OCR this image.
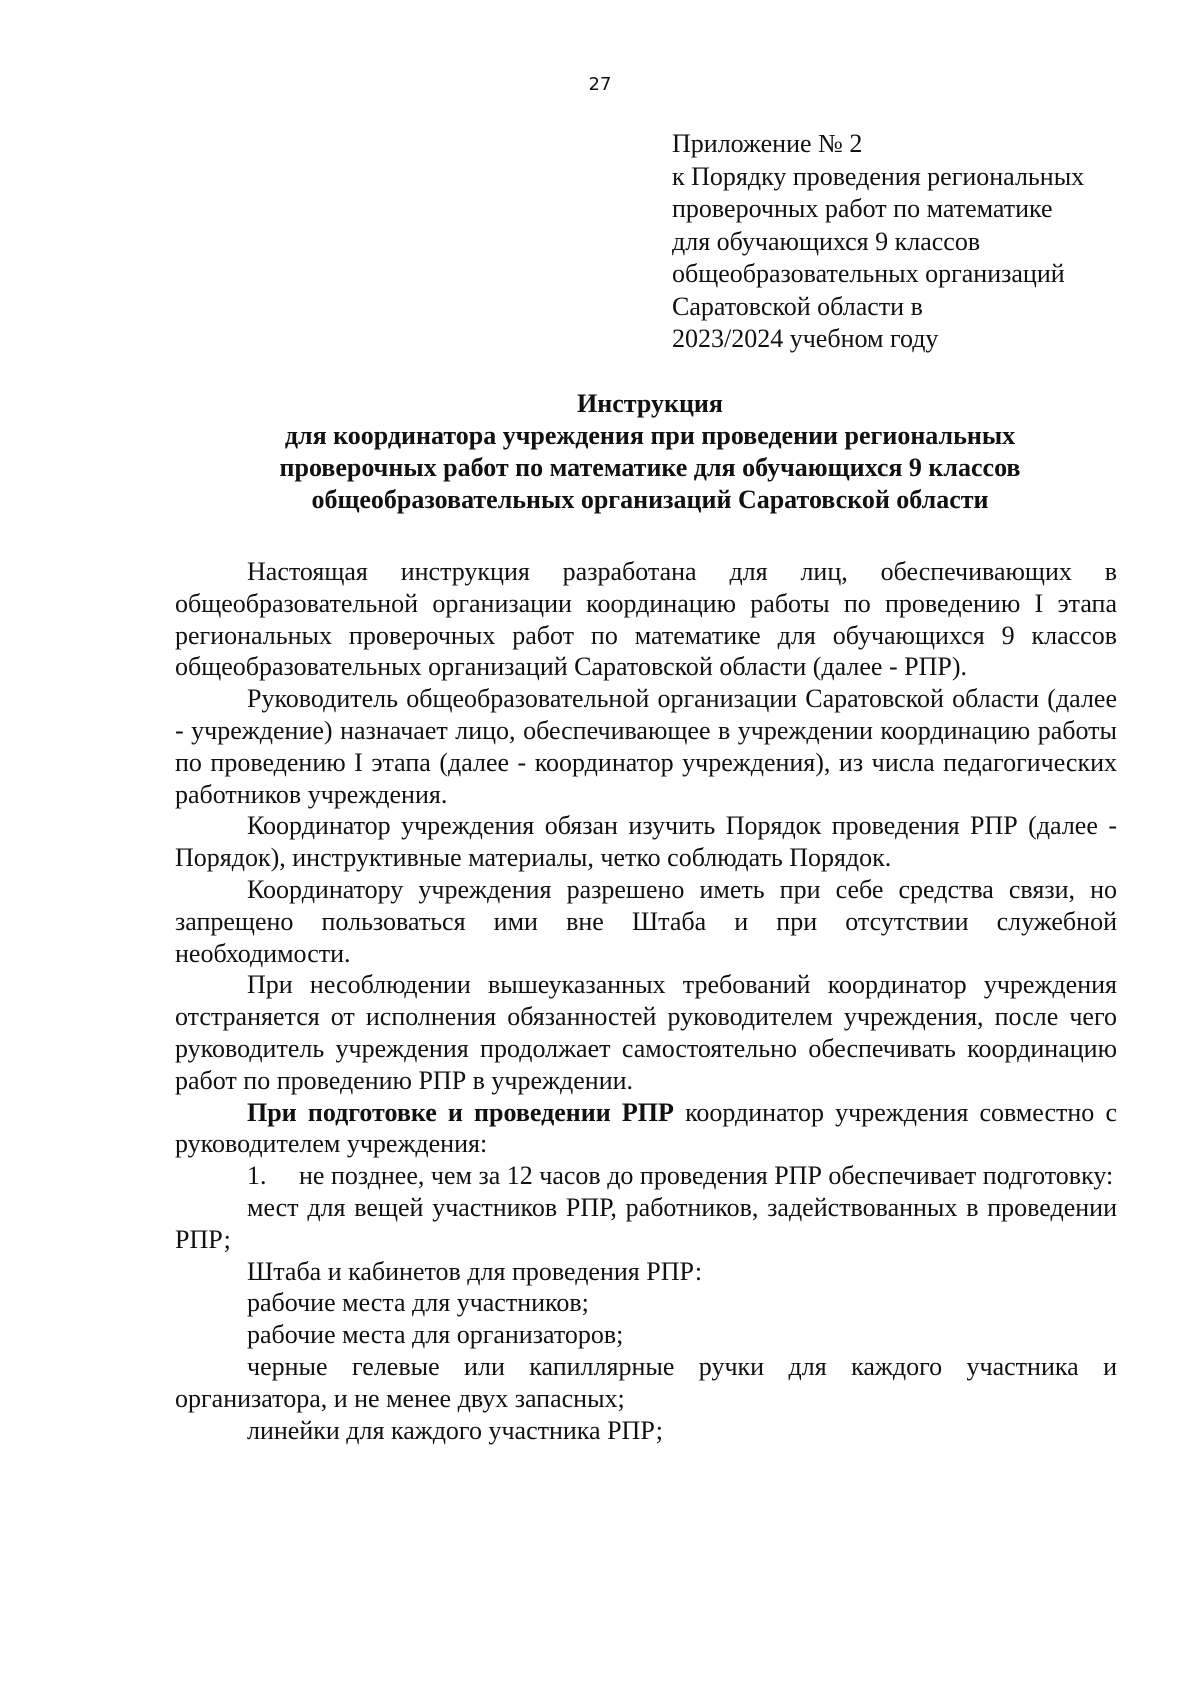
27
Приложение № 2
к Порядку проведения региональных
проверочных работ по математике
для обучающихся 9 классов
общеобразовательных организаций
Саратовской области в
2023/2024 учебном году
Инструкция
для координатора учреждения при проведении региональных
проверочных работ по математике для обучающихся 9 классов
общеобразовательных организаций Саратовской области

Настоящая инструкция разработана для лиц, обеспечивающих в общеобразовательной организации координацию работы по проведению I этапа региональных проверочных работ по математике для обучающихся 9 классов общеобразовательных организаций Саратовской области (далее - РПР).

Руководитель общеобразовательной организации Саратовской области (далее - учреждение) назначает лицо, обеспечивающее в учреждении координацию работы по проведению I этапа (далее - координатор учреждения), из числа педагогических работников учреждения.

Координатор учреждения обязан изучить Порядок проведения РПР (далее - Порядок), инструктивные материалы, четко соблюдать Порядок.

Координатору учреждения разрешено иметь при себе средства связи, но запрещено пользоваться ими вне Штаба и при отсутствии служебной необходимости.

При несоблюдении вышеуказанных требований координатор учреждения отстраняется от исполнения обязанностей руководителем учреждения, после чего руководитель учреждения продолжает самостоятельно обеспечивать координацию работ по проведению РПР в учреждении.

При подготовке и проведении РПР координатор учреждения совместно с руководителем учреждения:

1.     не позднее, чем за 12 часов до проведения РПР обеспечивает подготовку:

мест для вещей участников РПР, работников, задействованных в проведении РПР;

Штаба и кабинетов для проведения РПР:

рабочие места для участников;

рабочие места для организаторов;

черные гелевые или капиллярные ручки для каждого участника и организатора, и не менее двух запасных;

линейки для каждого участника РПР;
